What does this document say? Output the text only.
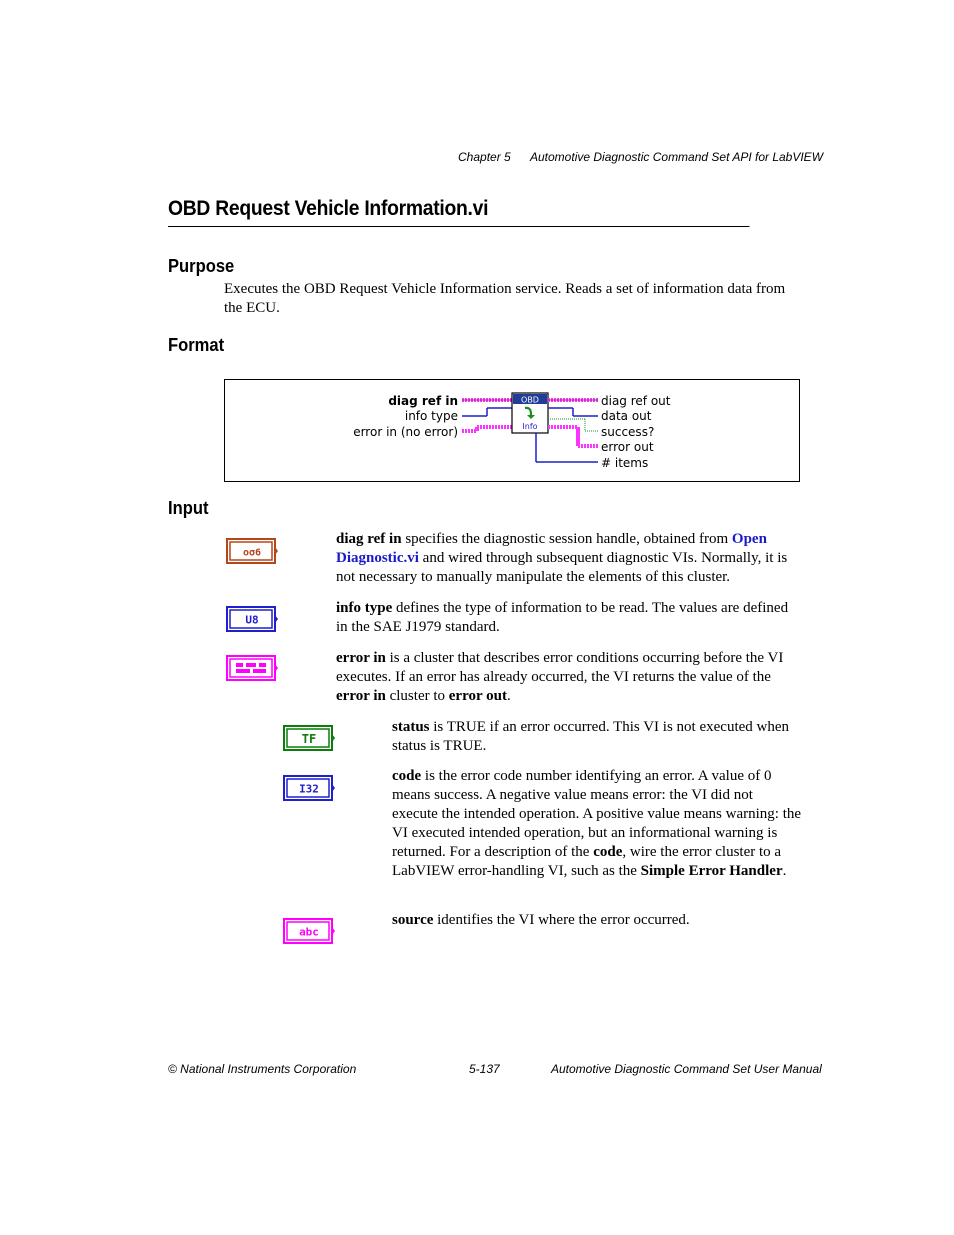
Chapter 5 Automotive Diagnostic Command Set API for LabVIEW
OBD Request Vehicle Information.vi
Purpose
Executes the OBD Request Vehicle Information service. Reads a set of information data from the ECU.
Format
OBD
Info
diag ref in
info type
error in (no error)
diag ref out
data out
success?
error out
# items
Input
oσ6
diag ref in specifies the diagnostic session handle, obtained from Open Diagnostic.vi and wired through subsequent diagnostic VIs. Normally, it is not necessary to manually manipulate the elements of this cluster.
U8
info type defines the type of information to be read. The values are defined in the SAE J1979 standard.
error in is a cluster that describes error conditions occurring before the VI executes. If an error has already occurred, the VI returns the value of the error in cluster to error out.
TF
status is TRUE if an error occurred. This VI is not executed when status is TRUE.
I32
code is the error code number identifying an error. A value of 0 means success. A negative value means error: the VI did not execute the intended operation. A positive value means warning: the VI executed intended operation, but an informational warning is returned. For a description of the code, wire the error cluster to a LabVIEW error-handling VI, such as the Simple Error Handler.
abc
source identifies the VI where the error occurred.
© National Instruments Corporation	5-137	Automotive Diagnostic Command Set User Manual
